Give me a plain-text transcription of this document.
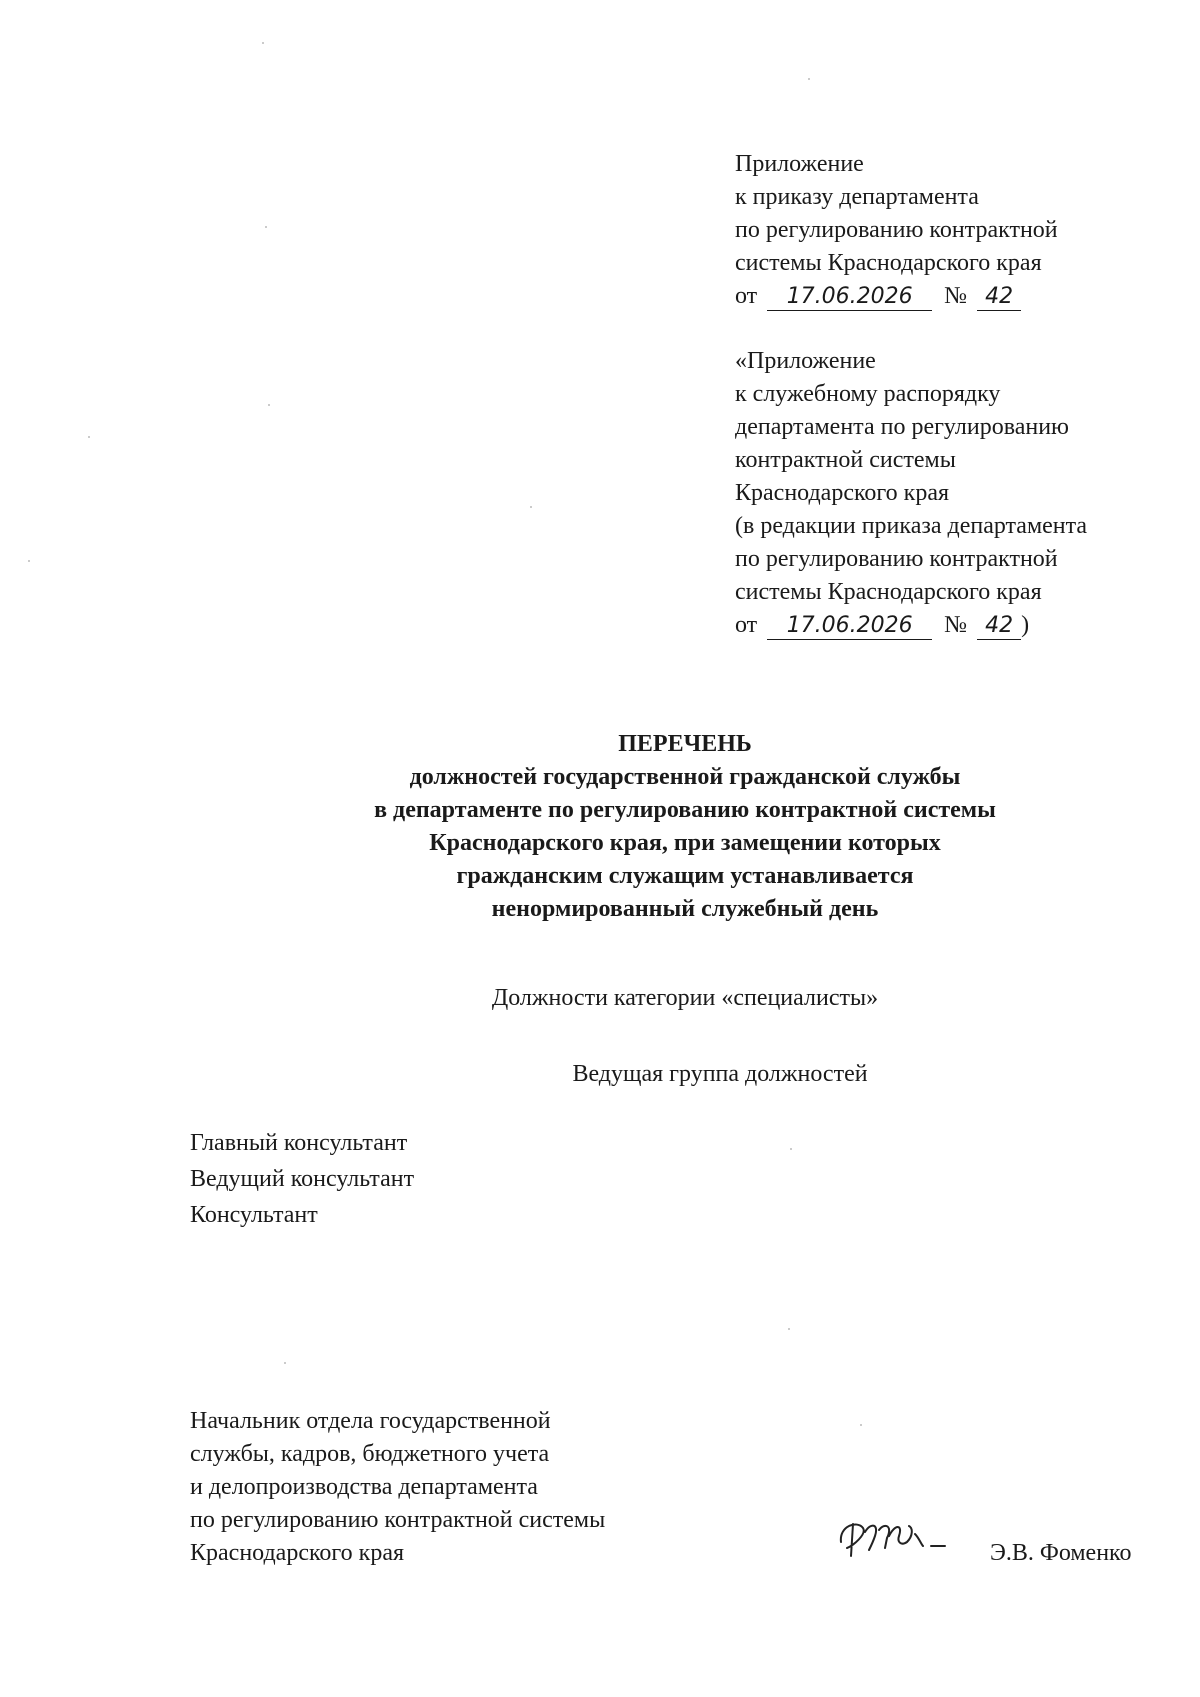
Приложение
к приказу департамента
по регулированию контрактной
системы Краснодарского края
от 17.06.2026 № 42
«Приложение
к служебному распорядку
департамента по регулированию
контрактной системы
Краснодарского края
(в редакции приказа департамента
по регулированию контрактной
системы Краснодарского края
от 17.06.2026 № 42 )
ПЕРЕЧЕНЬ
должностей государственной гражданской службы
в департаменте по регулированию контрактной системы
Краснодарского края, при замещении которых
гражданским служащим устанавливается
ненормированный служебный день
Должности категории «специалисты»
Ведущая группа должностей
Главный консультант
Ведущий консультант
Консультант
Начальник отдела государственной
службы, кадров, бюджетного учета
и делопроизводства департамента
по регулированию контрактной системы
Краснодарского края	Э.В. Фоменко
